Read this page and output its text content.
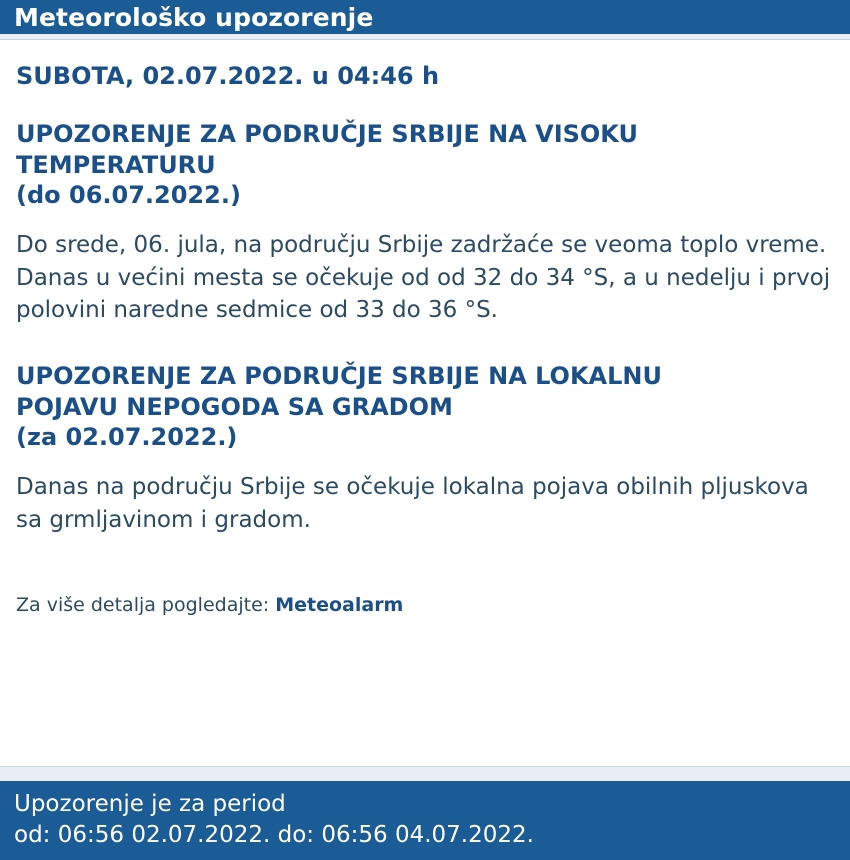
Meteorološko upozorenje
SUBOTA, 02.07.2022. u 04:46 h
UPOZORENJE ZA PODRUČJE SRBIJE NA VISOKU
TEMPERATURU
(do 06.07.2022.)
Do srede, 06. jula, na području Srbije zadržaće se veoma toplo vreme. Danas u većini mesta se očekuje od od 32 do 34 °S, a u nedelju i prvoj polovini naredne sedmice od 33 do 36 °S.
UPOZORENJE ZA PODRUČJE SRBIJE NA LOKALNU
POJAVU NEPOGODA SA GRADOM
(za 02.07.2022.)
Danas na području Srbije se očekuje lokalna pojava obilnih pljuskova sa grmljavinom i gradom.
Za više detalja pogledajte: Meteoalarm
Upozorenje je za period
od: 06:56 02.07.2022. do: 06:56 04.07.2022.
